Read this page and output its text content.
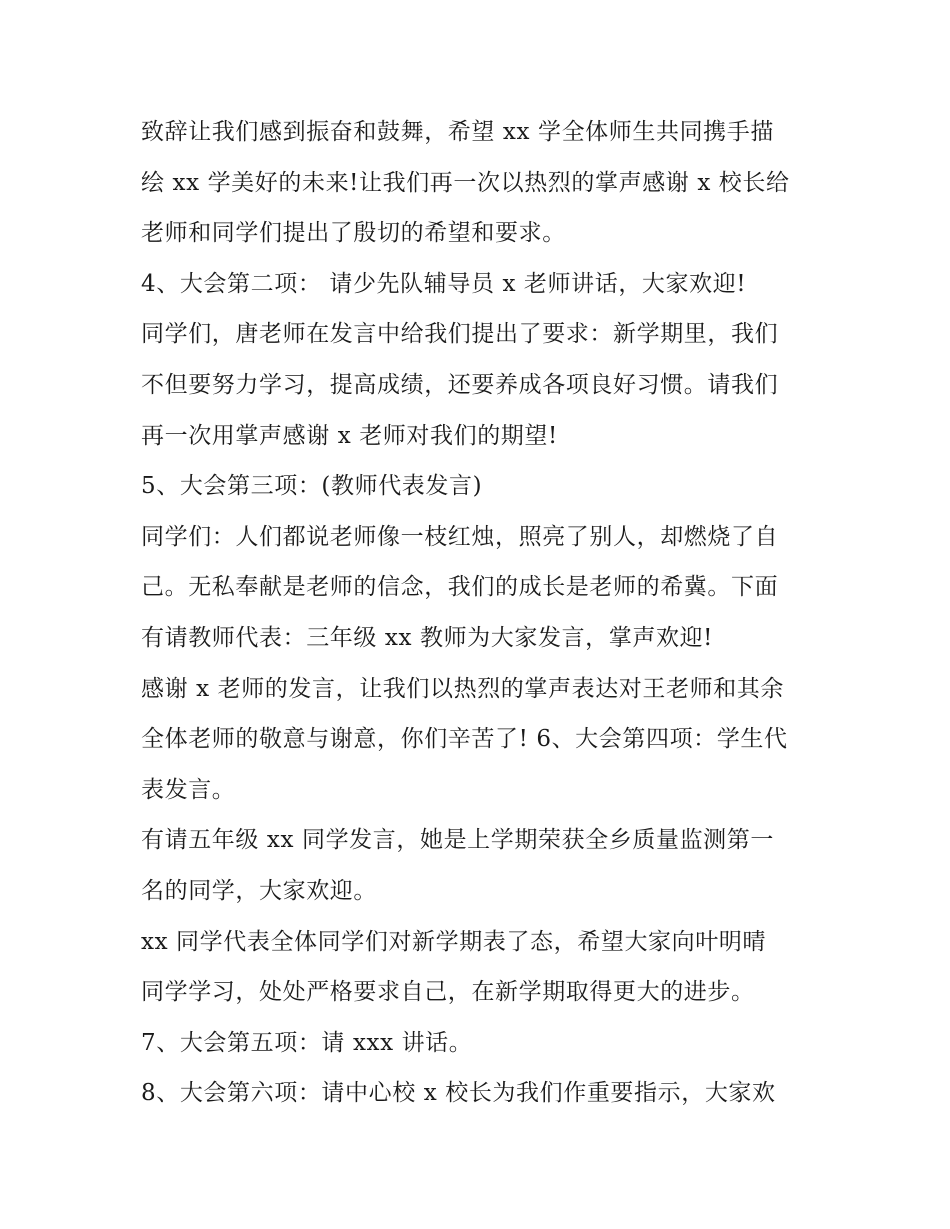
致辞让我们感到振奋和鼓舞，希望 xx 学全体师生共同携手描
绘 xx 学美好的未来!让我们再一次以热烈的掌声感谢 x 校长给
老师和同学们提出了殷切的希望和要求。
4、大会第二项： 请少先队辅导员 x 老师讲话，大家欢迎!
同学们，唐老师在发言中给我们提出了要求：新学期里，我们
不但要努力学习，提高成绩，还要养成各项良好习惯。请我们
再一次用掌声感谢 x 老师对我们的期望!
5、大会第三项：(教师代表发言)
同学们：人们都说老师像一枝红烛，照亮了别人，却燃烧了自
己。无私奉献是老师的信念，我们的成长是老师的希冀。下面
有请教师代表：三年级 xx 教师为大家发言，掌声欢迎!
感谢 x 老师的发言，让我们以热烈的掌声表达对王老师和其余
全体老师的敬意与谢意，你们辛苦了! 6、大会第四项：学生代
表发言。
有请五年级 xx 同学发言，她是上学期荣获全乡质量监测第一
名的同学，大家欢迎。
xx 同学代表全体同学们对新学期表了态，希望大家向叶明晴
同学学习，处处严格要求自己，在新学期取得更大的进步。
7、大会第五项：请 xxx 讲话。
8、大会第六项：请中心校 x 校长为我们作重要指示，大家欢
